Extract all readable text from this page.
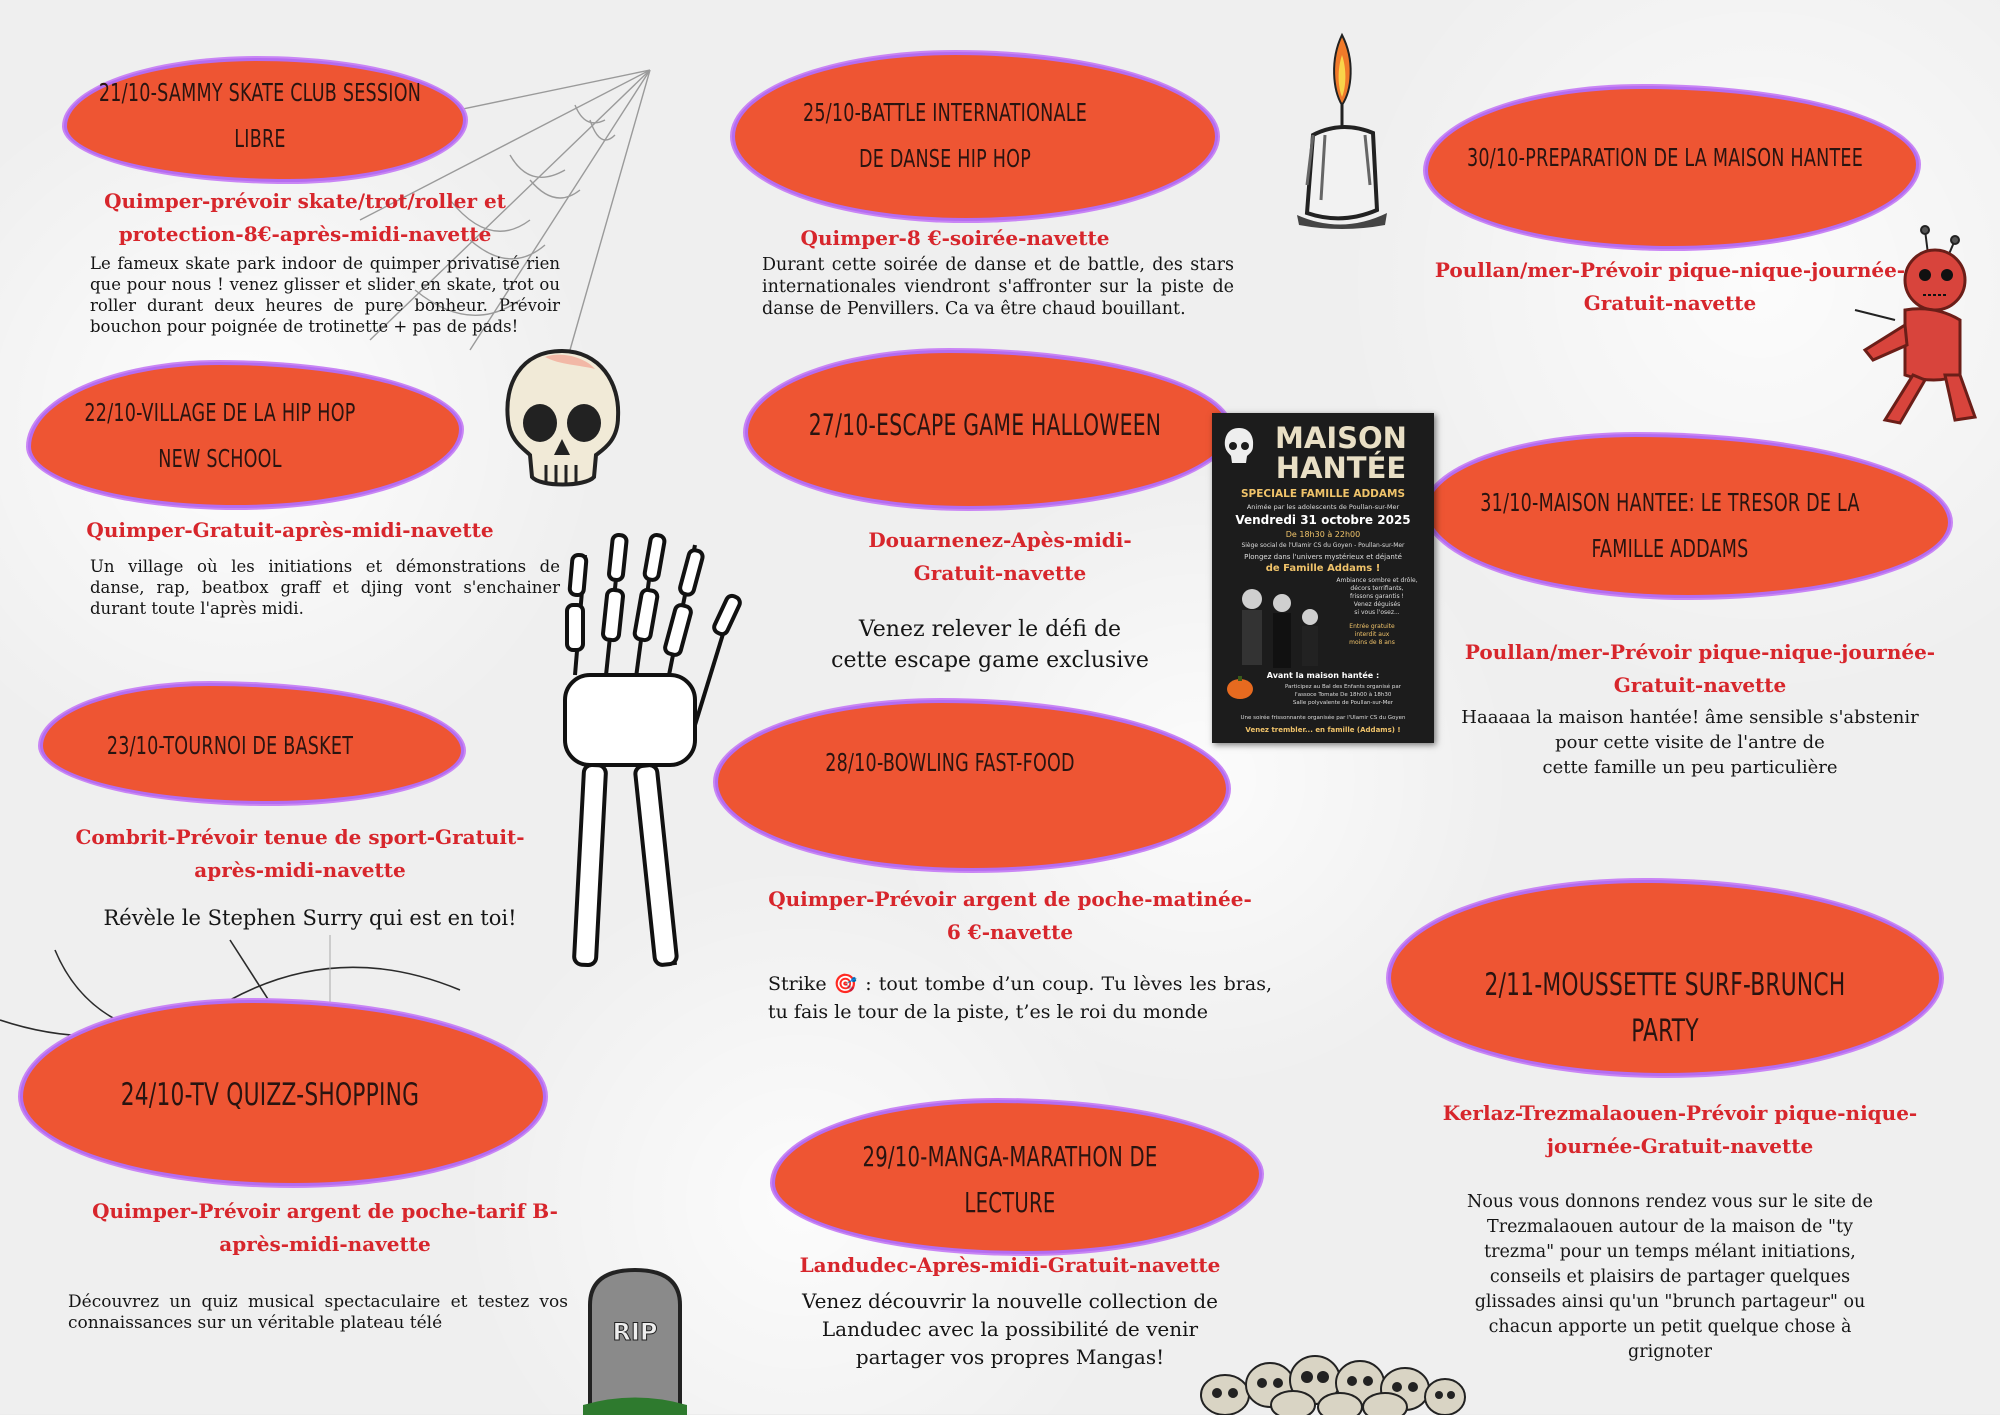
RIP
21/10-SAMMY SKATE CLUB SESSION
LIBRE
Quimper-prévoir skate/trot/roller et
protection-8€-après-midi-navette
Le fameux skate park indoor de quimper privatisé rien que pour nous ! venez glisser et slider en skate, trot ou roller durant deux heures de pure bonheur. Prévoir bouchon pour poignée de trotinette + pas de pads!
22/10-VILLAGE DE LA HIP HOP
NEW SCHOOL
Quimper-Gratuit-après-midi-navette
Un village où les initiations et démonstrations de danse, rap, beatbox graff et djing vont s'enchainer durant toute l'après midi.
23/10-TOURNOI DE BASKET
Combrit-Prévoir tenue de sport-Gratuit-
après-midi-navette
Révèle le Stephen Surry qui est en toi!
24/10-TV QUIZZ-SHOPPING
Quimper-Prévoir argent de poche-tarif B-
après-midi-navette
Découvrez un quiz musical spectaculaire et testez vos connaissances sur un véritable plateau télé
25/10-BATTLE INTERNATIONALE
DE DANSE HIP HOP
Quimper-8 €-soirée-navette
Durant cette soirée de danse et de battle, des stars internationales viendront s'affronter sur la piste de danse de Penvillers. Ca va être chaud bouillant.
27/10-ESCAPE GAME HALLOWEEN
Douarnenez-Apès-midi-
Gratuit-navette
Venez relever le défi de
cette escape game exclusive
28/10-BOWLING FAST-FOOD
Quimper-Prévoir argent de poche-matinée-
6 €-navette
Strike 🎯 : tout tombe d’un coup. Tu lèves les bras, tu fais le tour de la piste, t’es le roi du monde
29/10-MANGA-MARATHON DE LECTURE
Landudec-Après-midi-Gratuit-navette
Venez découvrir la nouvelle collection de
Landudec avec la possibilité de venir
partager vos propres Mangas!
30/10-PREPARATION DE LA MAISON HANTEE
Poullan/mer-Prévoir pique-nique-journée-
Gratuit-navette
31/10-MAISON HANTEE: LE TRESOR DE LA
FAMILLE ADDAMS
Poullan/mer-Prévoir pique-nique-journée-
Gratuit-navette
Haaaaa la maison hantée! âme sensible s'abstenir
pour cette visite de l'antre de
cette famille un peu particulière
2/11-MOUSSETTE SURF-BRUNCH PARTY
Kerlaz-Trezmalaouen-Prévoir pique-nique-
journée-Gratuit-navette
Nous vous donnons rendez vous sur le site de
Trezmalaouen autour de la maison de "ty
trezma" pour un temps mélant initiations,
conseils et plaisirs de partager quelques
glissades ainsi qu'un "brunch partageur" ou
chacun apporte un petit quelque chose à
grignoter
MAISON
HANTÉE
SPECIALE FAMILLE ADDAMS
Animée par les adolescents de Poullan-sur-Mer
Vendredi 31 octobre 2025
De 18h30 à 22h00
Siège social de l'Ulamir CS du Goyen - Poullan-sur-Mer
Plongez dans l'univers mystérieux et déjanté
de Famille Addams !
Ambiance sombre et drôle,
décors terrifiants,
frissons garantis !
Venez déguisés
si vous l'osez...
Entrée gratuite
interdit aux
moins de 8 ans
Avant la maison hantée :
Participez au Bal des Enfants organisé par
l'assoce Tomate De 18h00 à 18h30
Salle polyvalente de Poullan-sur-Mer
Une soirée frissonnante organisée par l'Ulamir CS du Goyen
Venez trembler... en famille (Addams) !
